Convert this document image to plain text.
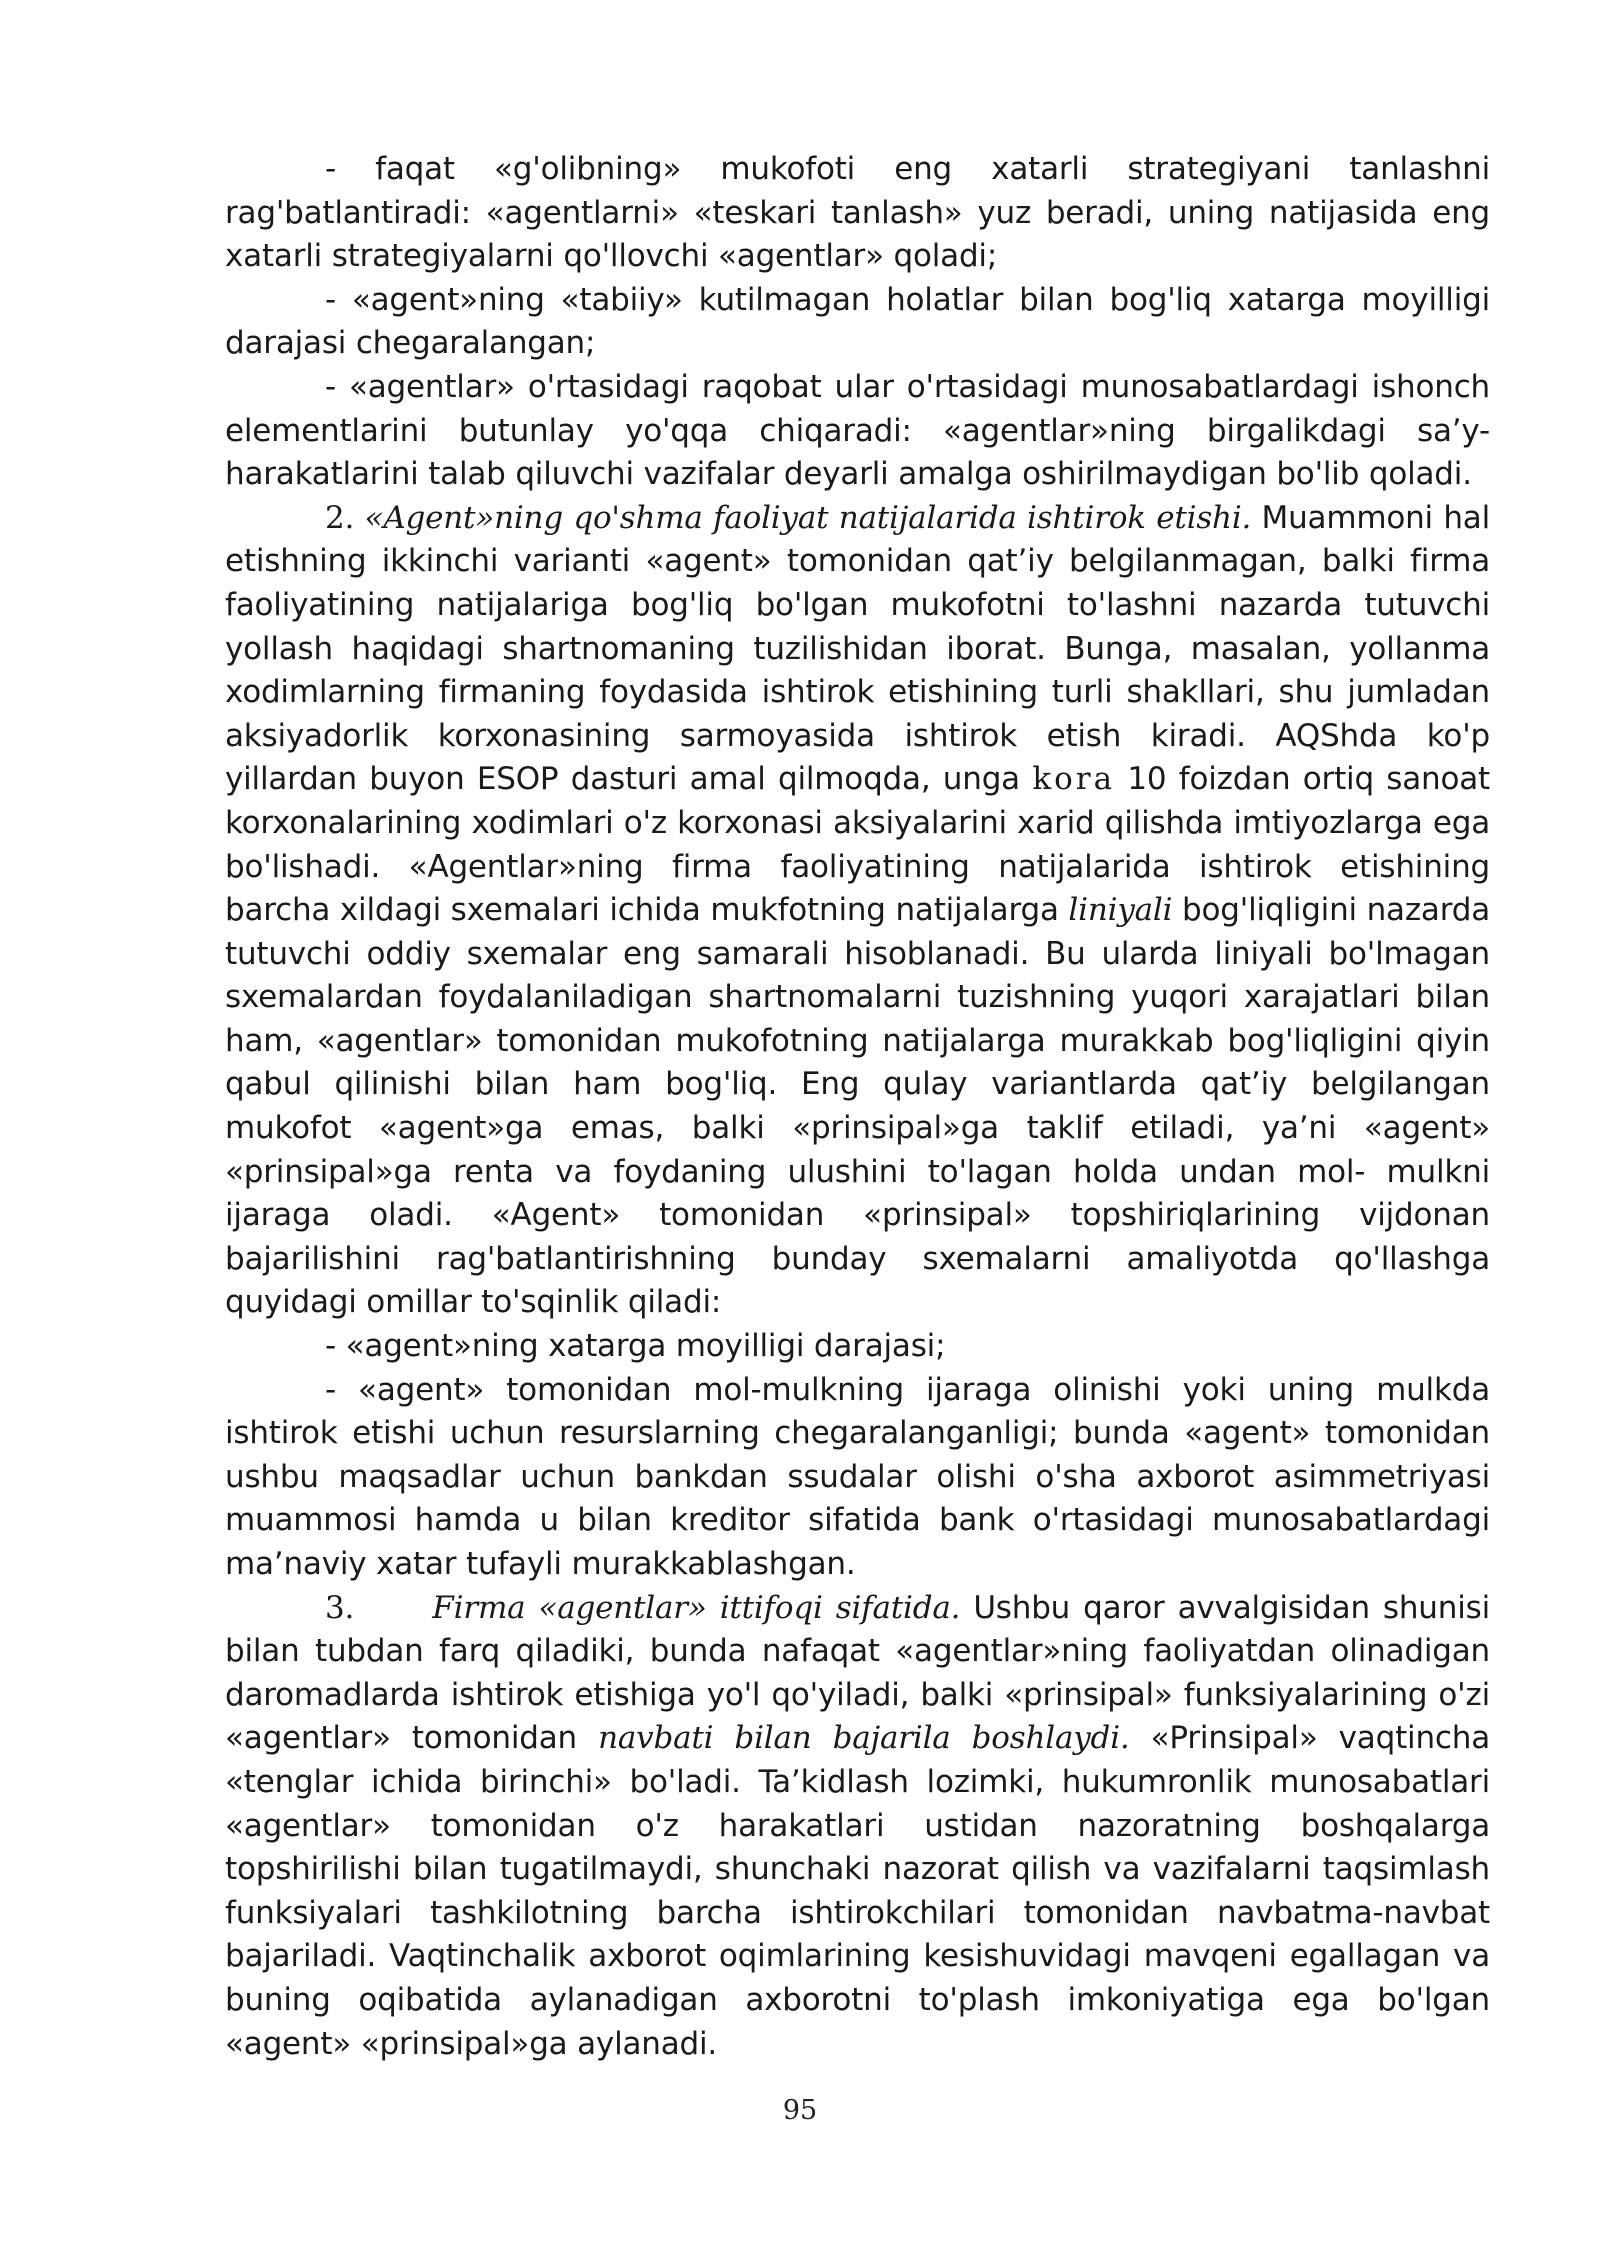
- faqat «g'olibning» mukofoti eng xatarli strategiyani tanlashni rag'batlantiradi: «agentlarni» «teskari tanlash» yuz beradi, uning natijasida eng xatarli strategiyalarni qo'llovchi «agentlar» qoladi;

- «agent»ning «tabiiy» kutilmagan holatlar bilan bog'liq xatarga moyilligi darajasi chegaralangan;

- «agentlar» o'rtasidagi raqobat ular o'rtasidagi munosabatlardagi ishonch elementlarini butunlay yo'qqa chiqaradi: «agentlar»ning birgalikdagi sa’y-harakatlarini talab qiluvchi vazifalar deyarli amalga oshirilmaydigan bo'lib qoladi.

2. «Agent»ning qo'shma faoliyat natijalarida ishtirok etishi. Muammoni hal etishning ikkinchi varianti «agent» tomonidan qat’iy belgilanmagan, balki firma faoliyatining natijalariga bog'liq bo'lgan mukofotni to'lashni nazarda tutuvchi yollash haqidagi shartnomaning tuzilishidan iborat. Bunga, masalan, yollanma xodimlarning firmaning foydasida ishtirok etishining turli shakllari, shu jumladan aksiyadorlik korxonasining sarmoyasida ishtirok etish kiradi. AQShda ko'p yillardan buyon ESOP dasturi amal qilmoqda, unga kora 10 foizdan ortiq sanoat korxonalarining xodimlari o'z korxonasi aksiyalarini xarid qilishda imtiyozlarga ega bo'lishadi. «Agentlar»ning firma faoliyatining natijalarida ishtirok etishining barcha xildagi sxemalari ichida mukfotning natijalarga liniyali bog'liqligini nazarda tutuvchi oddiy sxemalar eng samarali hisoblanadi. Bu ularda liniyali bo'lmagan sxemalardan foydalaniladigan shartnomalarni tuzishning yuqori xarajatlari bilan ham, «agentlar» tomonidan mukofotning natijalarga murakkab bog'liqligini qiyin qabul qilinishi bilan ham bog'liq. Eng qulay variantlarda qat’iy belgilangan mukofot «agent»ga emas, balki «prinsipal»ga taklif etiladi, ya’ni «agent» «prinsipal»ga renta va foydaning ulushini to'lagan holda undan mol- mulkni ijaraga oladi. «Agent» tomonidan «prinsipal» topshiriqlarining vijdonan bajarilishini rag'batlantirishning bunday sxemalarni amaliyotda qo'llashga quyidagi omillar to'sqinlik qiladi:

- «agent»ning xatarga moyilligi darajasi;

- «agent» tomonidan mol-mulkning ijaraga olinishi yoki uning mulkda ishtirok etishi uchun resurslarning chegaralanganligi; bunda «agent» tomonidan ushbu maqsadlar uchun bankdan ssudalar olishi o'sha axborot asimmetriyasi muammosi hamda u bilan kreditor sifatida bank o'rtasidagi munosabatlardagi ma’naviy xatar tufayli murakkablashgan.

3.	Firma «agentlar» ittifoqi sifatida. Ushbu qaror avvalgisidan shunisi bilan tubdan farq qiladiki, bunda nafaqat «agentlar»ning faoliyatdan olinadigan daromadlarda ishtirok etishiga yo'l qo'yiladi, balki «prinsipal» funksiyalarining o'zi «agentlar» tomonidan navbati bilan bajarila boshlaydi. «Prinsipal» vaqtincha «tenglar ichida birinchi» bo'ladi. Ta’kidlash lozimki, hukumronlik munosabatlari «agentlar» tomonidan o'z harakatlari ustidan nazoratning boshqalarga topshirilishi bilan tugatilmaydi, shunchaki nazorat qilish va vazifalarni taqsimlash funksiyalari tashkilotning barcha ishtirokchilari tomonidan navbatma-navbat bajariladi. Vaqtinchalik axborot oqimlarining kesishuvidagi mavqeni egallagan va buning oqibatida aylanadigan axborotni to'plash imkoniyatiga ega bo'lgan «agent» «prinsipal»ga aylanadi.

95
